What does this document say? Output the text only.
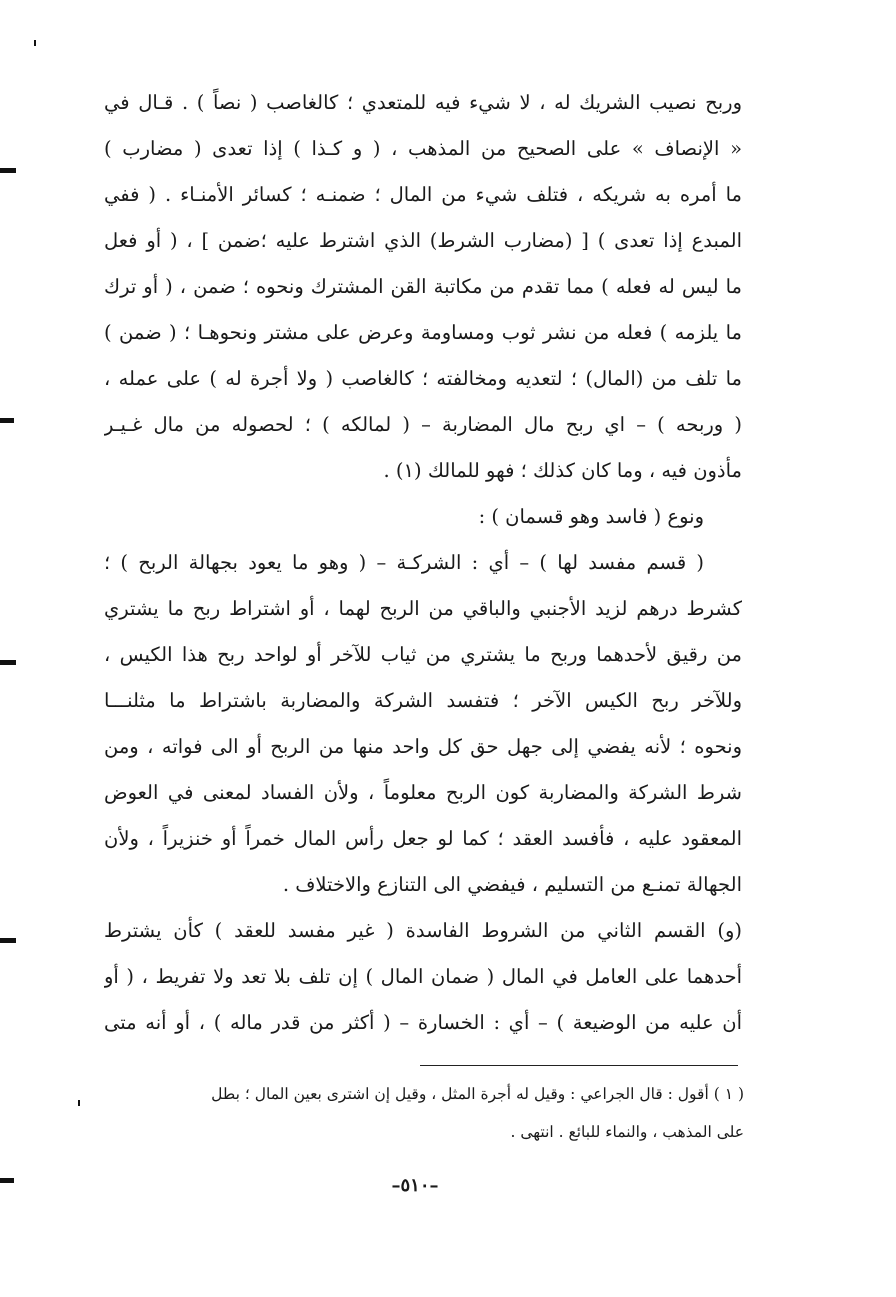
وربح نصيب الشريك له ، لا شيء فيه للمتعدي ؛ كالغاصب ( نصاً ) . قـال في
« الإنصاف » على الصحيح من المذهب ، ( و كـذا ) إذا تعدى ( مضارب )
ما أمره به شريكه ، فتلف شيء من المال ؛ ضمنـه ؛ كسائر الأمنـاء . ( ففي
المبدع إذا تعدى ) [ (مضارب الشرط) الذي اشترط عليه ؛ضمن ] ، ( أو فعل
ما ليس له فعله ) مما تقدم من مكاتبة القن المشترك ونحوه ؛ ضمن ، ( أو ترك
ما يلزمه ) فعله من نشر ثوب ومساومة وعرض على مشتر ونحوهـا ؛ ( ضمن )
ما تلف من (المال) ؛ لتعديه ومخالفته ؛ كالغاصب ( ولا أجرة له ) على عمله ،
( وربحه ) – اي ربح مال المضاربة – ( لمالكه ) ؛ لحصوله من مال غـيـر
مأذون فيه ، وما كان كذلك ؛ فهو للمالك (١) .
ونوع ( فاسد وهو قسمان ) :
( قسم مفسد لها ) – أي : الشركـة – ( وهو ما يعود بجهالة الربح ) ؛
كشرط درهم لزيد الأجنبي والباقي من الربح لهما ، أو اشتراط ربح ما يشتري
من رقيق لأحدهما وربح ما يشتري من ثياب للآخر أو لواحد ربح هذا الكيس ،
وللآخر ربح الكيس الآخر ؛ فتفسد الشركة والمضاربة باشتراط ما مثلنـــا
ونحوه ؛ لأنه يفضي إلى جهل حق كل واحد منها من الربح أو الى فواته ، ومن
شرط الشركة والمضاربة كون الربح معلوماً ، ولأن الفساد لمعنى في العوض
المعقود عليه ، فأفسد العقد ؛ كما لو جعل رأس المال خمراً أو خنزيراً ، ولأن
الجهالة تمنـع من التسليم ، فيفضي الى التنازع والاختلاف .
(و) القسم الثاني من الشروط الفاسدة ( غير مفسد للعقد ) كأن يشترط
أحدهما على العامل في المال ( ضمان المال ) إن تلف بلا تعد ولا تفريط ، ( أو
أن عليه من الوضيعة ) – أي : الخسارة – ( أكثر من قدر ماله ) ، أو أنه متى
( ١ ) أقول : قال الجراعي : وقيل له أجرة المثل ، وقيل إن اشترى بعين المال ؛ بطل
على المذهب ، والنماء للبائع . انتهى .
–٥١٠–
